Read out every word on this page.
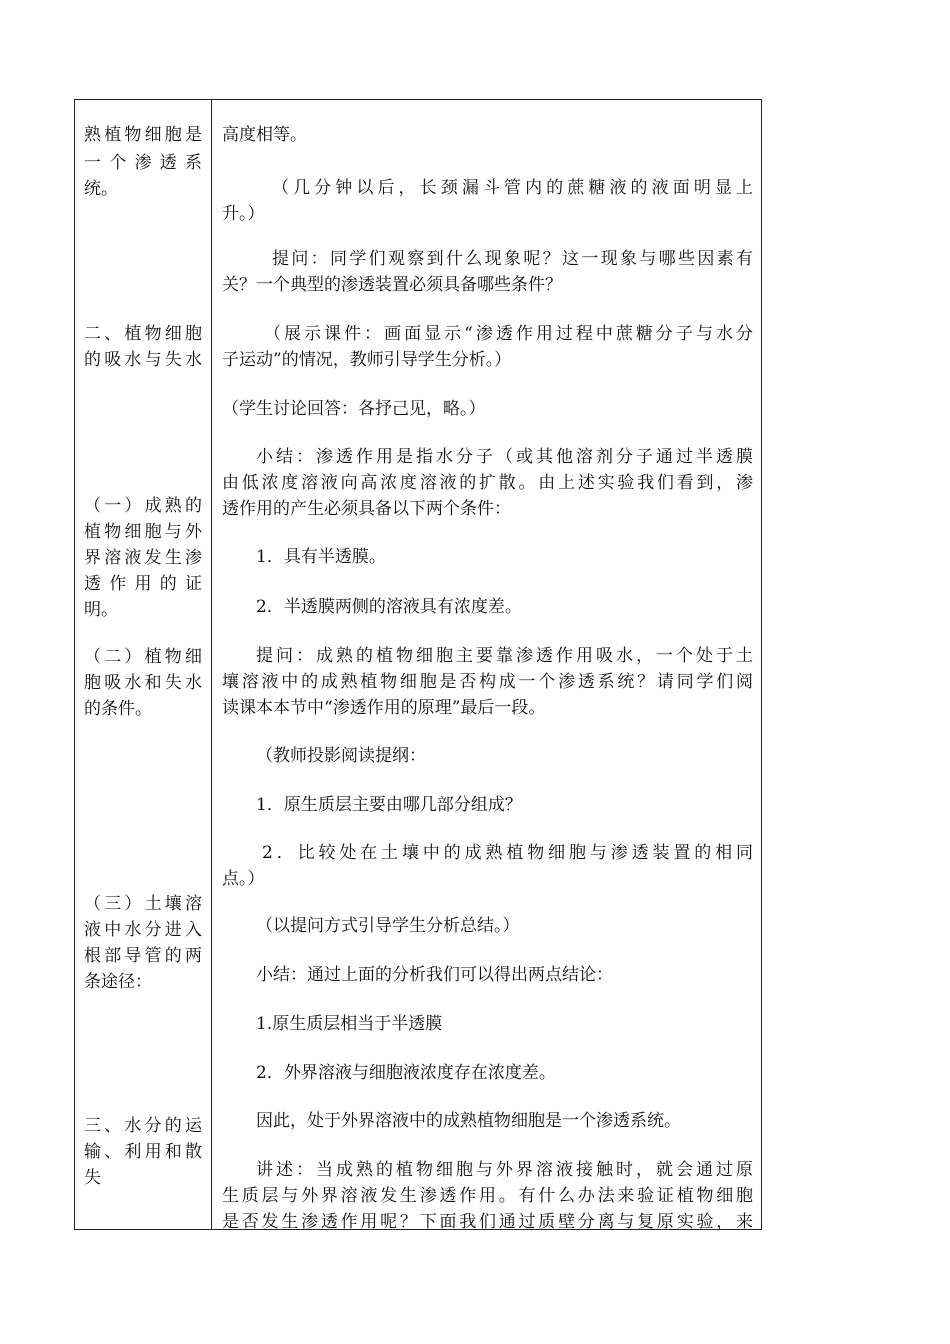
熟植物细胞是
一个渗透系
统。
二、植物细胞
的吸水与失水
（一）成熟的
植物细胞与外
界溶液发生渗
透作用的证
明。
（二）植物细
胞吸水和失水
的条件。
（三）土壤溶
液中水分进入
根部导管的两
条途径：
三、水分的运
输、利用和散
失
高度相等。
（几分钟以后，长颈漏斗管内的蔗糖液的液面明显上
升。）
提问：同学们观察到什么现象呢？这一现象与哪些因素有
关？一个典型的渗透装置必须具备哪些条件？
（展示课件：画面显示“渗透作用过程中蔗糖分子与水分
子运动”的情况，教师引导学生分析。）
（学生讨论回答：各抒己见，略。）
小结：渗透作用是指水分子（或其他溶剂分子通过半透膜
由低浓度溶液向高浓度溶液的扩散。由上述实验我们看到，渗
透作用的产生必须具备以下两个条件：
1．具有半透膜。
2．半透膜两侧的溶液具有浓度差。
提问：成熟的植物细胞主要靠渗透作用吸水，一个处于土
壤溶液中的成熟植物细胞是否构成一个渗透系统？请同学们阅
读课本本节中“渗透作用的原理”最后一段。
（教师投影阅读提纲：
1．原生质层主要由哪几部分组成？
2．比较处在土壤中的成熟植物细胞与渗透装置的相同
点。）
（以提问方式引导学生分析总结。）
小结：通过上面的分析我们可以得出两点结论：
1.原生质层相当于半透膜
2．外界溶液与细胞液浓度存在浓度差。
因此，处于外界溶液中的成熟植物细胞是一个渗透系统。
讲述：当成熟的植物细胞与外界溶液接触时，就会通过原
生质层与外界溶液发生渗透作用。有什么办法来验证植物细胞
是否发生渗透作用呢？下面我们通过质壁分离与复原实验，来
